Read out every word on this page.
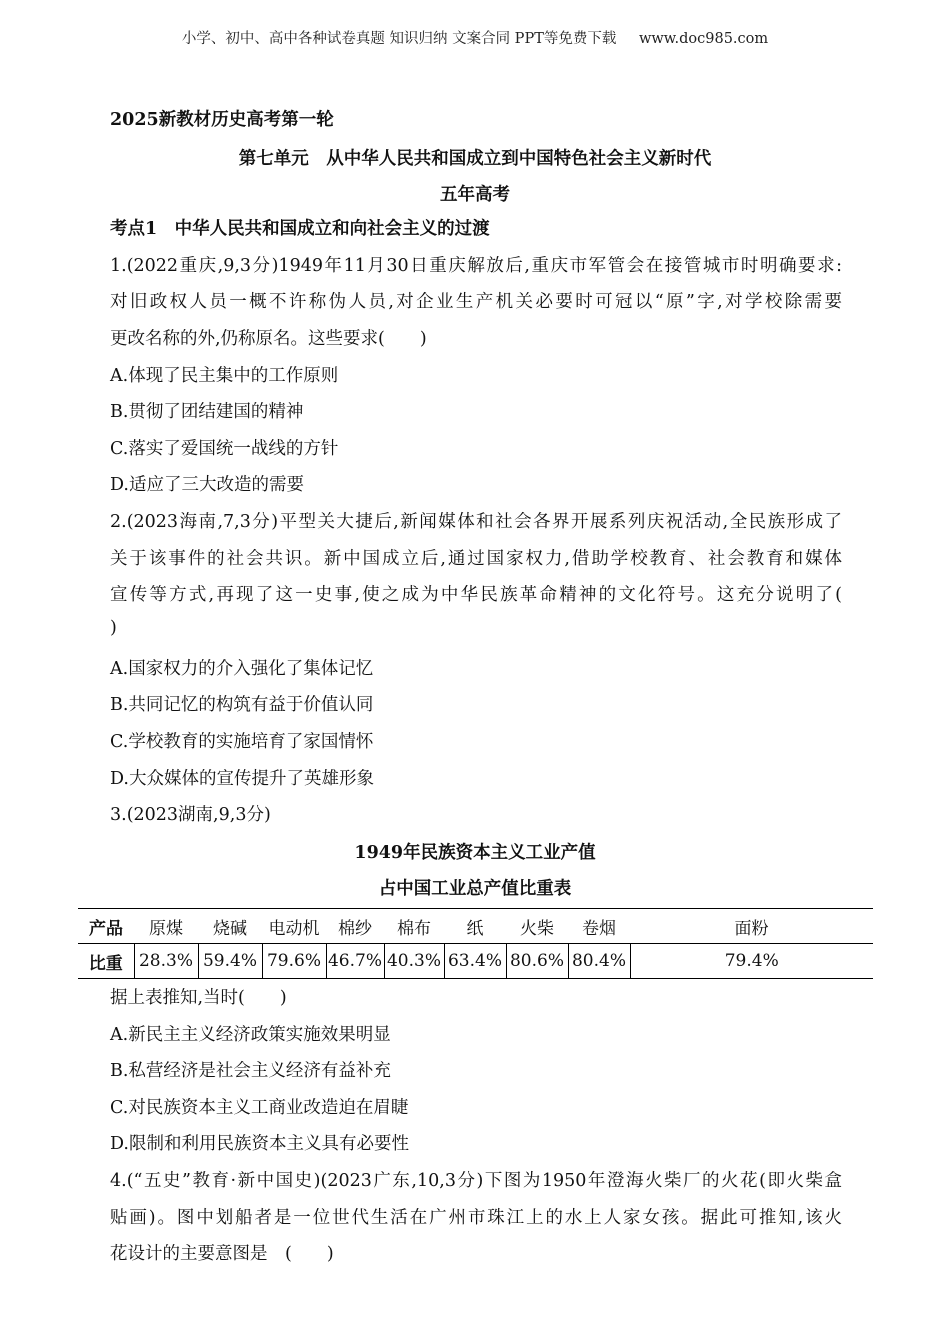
小学、初中、高中各种试卷真题 知识归纳 文案合同 PPT等免费下载 www.doc985.com
2025新教材历史高考第一轮
第七单元　从中华人民共和国成立到中国特色社会主义新时代
五年高考
考点1　中华人民共和国成立和向社会主义的过渡
1.(2022重庆,9,3分)1949年11月30日重庆解放后,重庆市军管会在接管城市时明确要求:
对旧政权人员一概不许称伪人员,对企业生产机关必要时可冠以“原”字,对学校除需要
更改名称的外,仍称原名。这些要求(　　)
A.体现了民主集中的工作原则
B.贯彻了团结建国的精神
C.落实了爱国统一战线的方针
D.适应了三大改造的需要
2.(2023海南,7,3分)平型关大捷后,新闻媒体和社会各界开展系列庆祝活动,全民族形成了
关于该事件的社会共识。新中国成立后,通过国家权力,借助学校教育、社会教育和媒体
宣传等方式,再现了这一史事,使之成为中华民族革命精神的文化符号。这充分说明了(
)
A.国家权力的介入强化了集体记忆
B.共同记忆的构筑有益于价值认同
C.学校教育的实施培育了家国情怀
D.大众媒体的宣传提升了英雄形象
3.(2023湖南,9,3分)
1949年民族资本主义工业产值
占中国工业总产值比重表
产品	原煤	烧碱	电动机	棉纱	棉布	纸	火柴	卷烟	面粉
比重	28.3%	59.4%	79.6%	46.7%	40.3%	63.4%	80.6%	80.4%	79.4%
据上表推知,当时(　　)
A.新民主主义经济政策实施效果明显
B.私营经济是社会主义经济有益补充
C.对民族资本主义工商业改造迫在眉睫
D.限制和利用民族资本主义具有必要性
4.(“五史”教育·新中国史)(2023广东,10,3分)下图为1950年澄海火柴厂的火花(即火柴盒
贴画)。图中划船者是一位世代生活在广州市珠江上的水上人家女孩。据此可推知,该火
花设计的主要意图是　(　　)
